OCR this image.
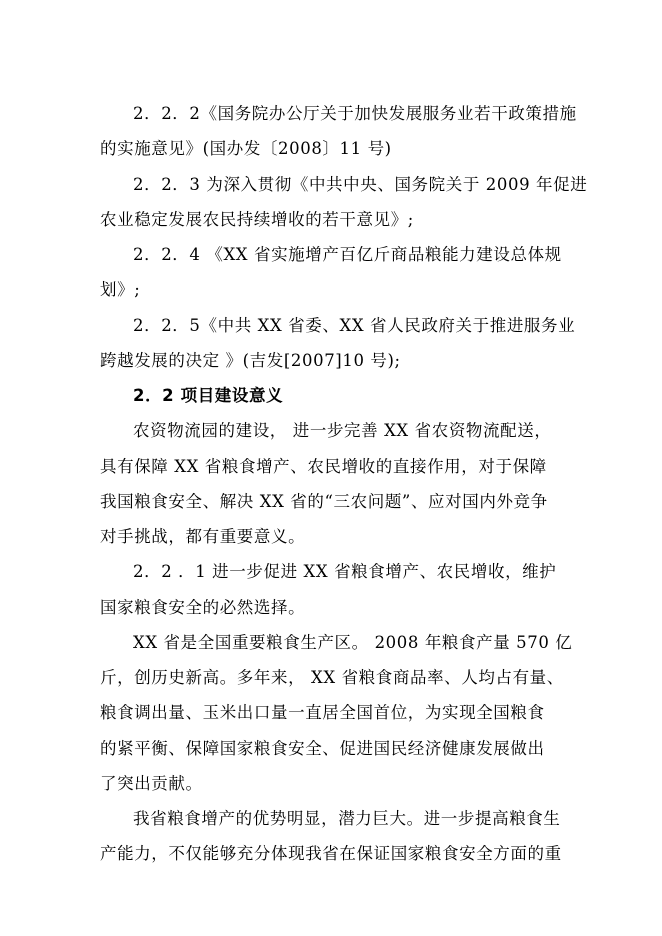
2．2．2《国务院办公厅关于加快发展服务业若干政策措施
的实施意见》(国办发〔2008〕11 号)
2．2．3 为深入贯彻《中共中央、国务院关于 2009 年促进
农业稳定发展农民持续增收的若干意见》;
2．2．4 《XX 省实施增产百亿斤商品粮能力建设总体规
划》;
2．2．5《中共 XX 省委、XX 省人民政府关于推进服务业
跨越发展的决定 》(吉发[2007]10 号);
2．2 项目建设意义
农资物流园的建设， 进一步完善 XX 省农资物流配送，
具有保障 XX 省粮食增产、农民增收的直接作用，对于保障
我国粮食安全、解决 XX 省的“三农问题”、应对国内外竞争
对手挑战，都有重要意义。
2．2 ．1 进一步促进 XX 省粮食增产、农民增收，维护
国家粮食安全的必然选择。
XX 省是全国重要粮食生产区。 2008 年粮食产量 570 亿
斤，创历史新高。多年来， XX 省粮食商品率、人均占有量、
粮食调出量、玉米出口量一直居全国首位，为实现全国粮食
的紧平衡、保障国家粮食安全、促进国民经济健康发展做出
了突出贡献。
我省粮食增产的优势明显，潜力巨大。进一步提高粮食生
产能力，不仅能够充分体现我省在保证国家粮食安全方面的重
